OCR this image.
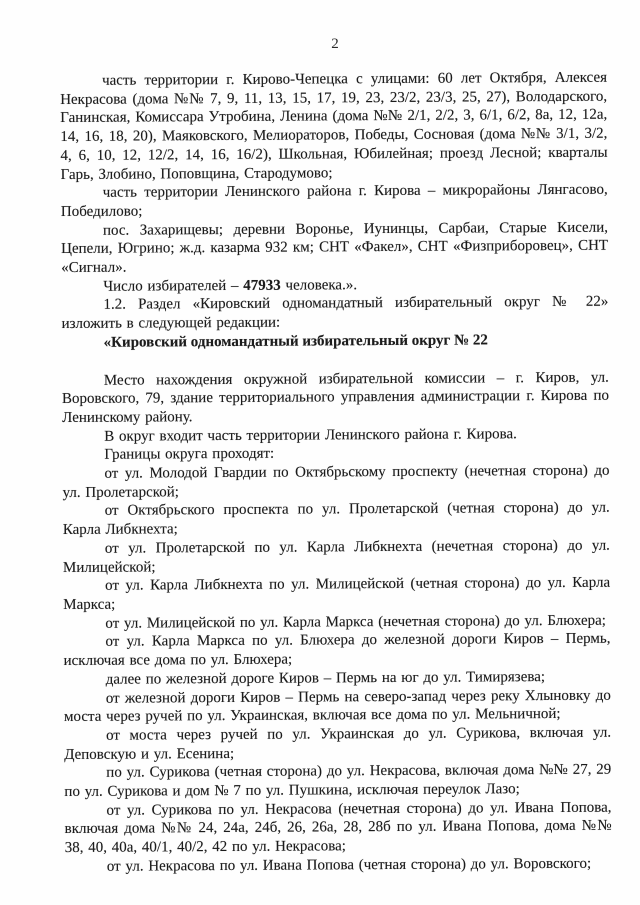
2

часть территории г. Кирово-Чепецка с улицами: 60 лет Октября, Алексея Некрасова (дома №№ 7, 9, 11, 13, 15, 17, 19, 23, 23/2, 23/3, 25, 27), Володарского, Ганинская, Комиссара Утробина, Ленина (дома №№ 2/1, 2/2, 3, 6/1, 6/2, 8а, 12, 12а, 14, 16, 18, 20), Маяковского, Мелиораторов, Победы, Сосновая (дома №№ 3/1, 3/2, 4, 6, 10, 12, 12/2, 14, 16, 16/2), Школьная, Юбилейная; проезд Лесной; кварталы Гарь, Злобино, Поповщина, Стародумово;

часть территории Ленинского района г. Кирова – микрорайоны Лянгасово, Победилово;

пос. Захарищевы; деревни Воронье, Иунинцы, Сарбаи, Старые Кисели, Цепели, Югрино; ж.д. казарма 932 км; СНТ «Факел», СНТ «Физприборовец», СНТ «Сигнал».

Число избирателей – 47933 человека.».

1.2. Раздел «Кировский одномандатный избирательный округ № 22» изложить в следующей редакции:

«Кировский одномандатный избирательный округ № 22

Место нахождения окружной избирательной комиссии – г. Киров, ул. Воровского, 79, здание территориального управления администрации г. Кирова по Ленинскому району.

В округ входит часть территории Ленинского района г. Кирова.

Границы округа проходят:

от ул. Молодой Гвардии по Октябрьскому проспекту (нечетная сторона) до ул. Пролетарской;

от Октябрьского проспекта по ул. Пролетарской (четная сторона) до ул. Карла Либкнехта;

от ул. Пролетарской по ул. Карла Либкнехта (нечетная сторона) до ул. Милицейской;

от ул. Карла Либкнехта по ул. Милицейской (четная сторона) до ул. Карла Маркса;

от ул. Милицейской по ул. Карла Маркса (нечетная сторона) до ул. Блюхера;

от ул. Карла Маркса по ул. Блюхера до железной дороги Киров – Пермь, исключая все дома по ул. Блюхера;

далее по железной дороге Киров – Пермь на юг до ул. Тимирязева;

от железной дороги Киров – Пермь на северо-запад через реку Хлыновку до моста через ручей по ул. Украинская, включая все дома по ул. Мельничной;

от моста через ручей по ул. Украинская до ул. Сурикова, включая ул. Деповскую и ул. Есенина;

по ул. Сурикова (четная сторона) до ул. Некрасова, включая дома №№ 27, 29 по ул. Сурикова и дом № 7 по ул. Пушкина, исключая переулок Лазо;

от ул. Сурикова по ул. Некрасова (нечетная сторона) до ул. Ивана Попова, включая дома №№ 24, 24а, 24б, 26, 26а, 28, 28б по ул. Ивана Попова, дома №№ 38, 40, 40а, 40/1, 40/2, 42 по ул. Некрасова;

от ул. Некрасова по ул. Ивана Попова (четная сторона) до ул. Воровского;
